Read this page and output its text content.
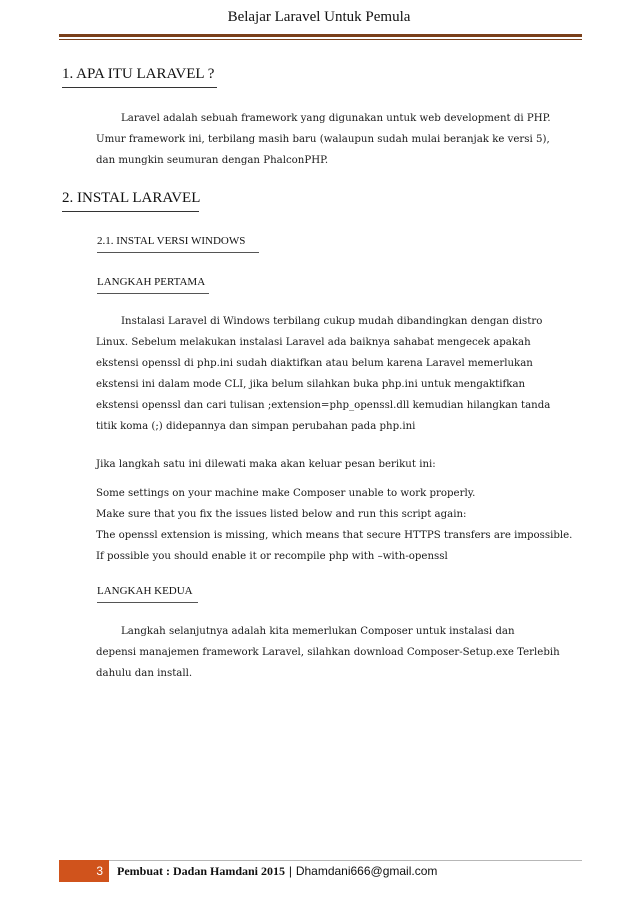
Belajar Laravel Untuk Pemula
1. APA ITU LARAVEL ?
Laravel adalah sebuah framework yang digunakan untuk web development di PHP.
Umur framework ini, terbilang masih baru (walaupun sudah mulai beranjak ke versi 5),
dan mungkin seumuran dengan PhalconPHP.
2. INSTAL LARAVEL
2.1. INSTAL VERSI WINDOWS
LANGKAH PERTAMA
Instalasi Laravel di Windows terbilang cukup mudah dibandingkan dengan distro
Linux. Sebelum melakukan instalasi Laravel ada baiknya sahabat mengecek apakah
ekstensi openssl di php.ini sudah diaktifkan atau belum karena Laravel memerlukan
ekstensi ini dalam mode CLI, jika belum silahkan buka php.ini untuk mengaktifkan
ekstensi openssl dan cari tulisan ;extension=php_openssl.dll kemudian hilangkan tanda
titik koma (;) didepannya dan simpan perubahan pada php.ini
Jika langkah satu ini dilewati maka akan keluar pesan berikut ini:
Some settings on your machine make Composer unable to work properly.
Make sure that you fix the issues listed below and run this script again:
The openssl extension is missing, which means that secure HTTPS transfers are impossible.
If possible you should enable it or recompile php with –with-openssl
LANGKAH KEDUA
Langkah selanjutnya adalah kita memerlukan Composer untuk instalasi dan
depensi manajemen framework Laravel, silahkan download Composer-Setup.exe Terlebih
dahulu dan install.
3	Pembuat : Dadan Hamdani 2015 | Dhamdani666@gmail.com
